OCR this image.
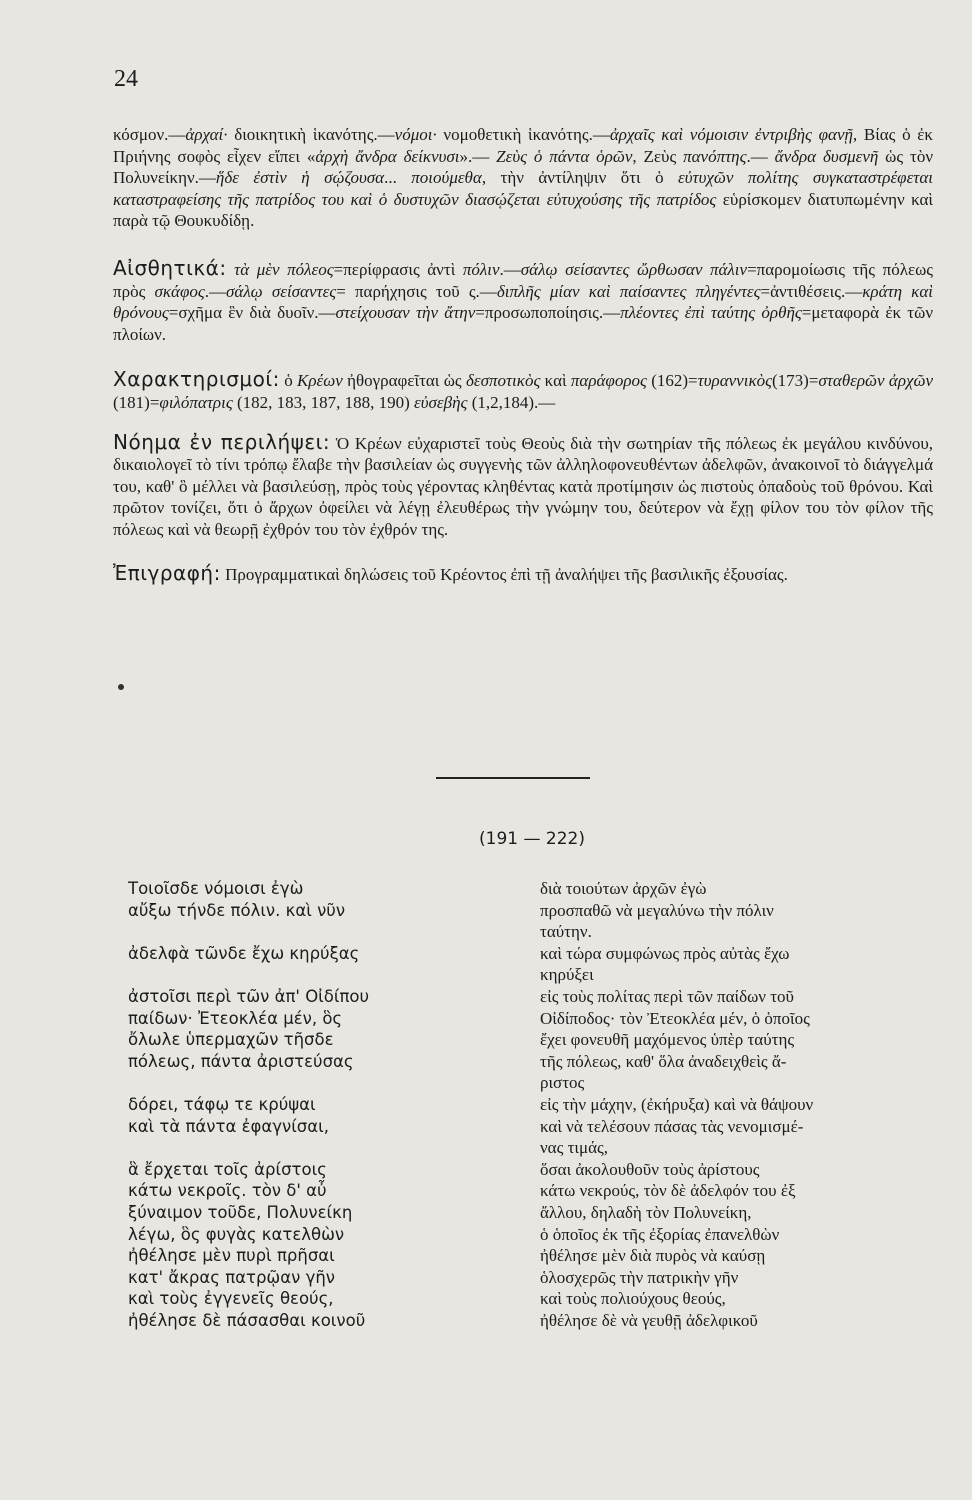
24

κόσμον.—ἀρχαί· διοικητικὴ ἱκανότης.—νόμοι· νομοθετικὴ ἱκανότης.—ἀρχαῖς καὶ νόμοισιν ἐντριβὴς φανῇ, Βίας ὁ ἐκ Πριήνης σοφὸς εἶχεν εἴπει «ἀρχὴ ἄνδρα δείκνυσι».— Ζεὺς ὁ πάντα ὁρῶν, Ζεὺς πανόπτης.— ἄνδρα δυσμενῆ ὡς τὸν Πολυνείκην.—ἥδε ἐστὶν ἡ σῴζουσα... ποιούμεθα, τὴν ἀντίληψιν ὅτι ὁ εὐτυχῶν πολίτης συγκαταστρέφεται καταστραφείσης τῆς πατρίδος του καὶ ὁ δυστυχῶν διασῴζεται εὐτυχούσης τῆς πατρίδος εὑρίσκομεν διατυπωμένην καὶ παρὰ τῷ Θουκυδίδῃ.

Αἰσθητικά: τὰ μὲν πόλεος=περίφρασις ἀντὶ πόλιν.—σάλῳ σείσαντες ὤρθωσαν πάλιν=παρομοίωσις τῆς πόλεως πρὸς σκάφος.—σάλῳ σείσαντες= παρήχησις τοῦ ς.—διπλῆς μίαν καὶ παίσαντες πληγέντες=ἀντιθέσεις.—κράτη καὶ θρόνους=σχῆμα ἓν διὰ δυοῖν.—στείχουσαν τὴν ἄτην=προσωποποίησις.—πλέοντες ἐπὶ ταύτης ὀρθῆς=μεταφορὰ ἐκ τῶν πλοίων.

Χαρακτηρισμοί: ὁ Κρέων ἠθογραφεῖται ὡς δεσποτικὸς καὶ παράφορος (162)=τυραννικὸς(173)=σταθερῶν ἀρχῶν (181)=φιλόπατρις (182, 183, 187, 188, 190) εὐσεβὴς (1,2,184).—

Νόημα ἐν περιλήψει: Ὁ Κρέων εὐχαριστεῖ τοὺς Θεοὺς διὰ τὴν σωτηρίαν τῆς πόλεως ἐκ μεγάλου κινδύνου, δικαιολογεῖ τὸ τίνι τρόπῳ ἔλαβε τὴν βασιλείαν ὡς συγγενὴς τῶν ἀλληλοφονευθέντων ἀδελφῶν, ἀνακοινοῖ τὸ διάγγελμά του, καθ' ὃ μέλλει νὰ βασιλεύσῃ, πρὸς τοὺς γέροντας κληθέντας κατὰ προτίμησιν ὡς πιστοὺς ὀπαδοὺς τοῦ θρόνου. Καὶ πρῶτον τονίζει, ὅτι ὁ ἄρχων ὀφείλει νὰ λέγῃ ἐλευθέρως τὴν γνώμην του, δεύτερον νὰ ἔχῃ φίλον του τὸν φίλον τῆς πόλεως καὶ νὰ θεωρῇ ἐχθρόν του τὸν ἐχθρόν της.

Ἐπιγραφή: Προγραμματικαὶ δηλώσεις τοῦ Κρέοντος ἐπὶ τῇ ἀναλήψει τῆς βασιλικῆς ἐξουσίας.

(191 — 222)
Τοιοῖσδε νόμοισι ἐγὼ
αὔξω τήνδε πόλιν. καὶ νῦν
ἀδελφὰ τῶνδε ἔχω κηρύξας
ἀστοῖσι περὶ τῶν ἀπ' Οἰδίπου
παίδων· Ἐτεοκλέα μέν, ὃς
ὄλωλε ὑπερμαχῶν τῆσδε
πόλεως, πάντα ἀριστεύσας
δόρει, τάφῳ τε κρύψαι
καὶ τὰ πάντα ἐφαγνίσαι,
ἃ ἔρχεται τοῖς ἀρίστοις
κάτω νεκροῖς. τὸν δ' αὖ
ξύναιμον τοῦδε, Πολυνείκη
λέγω, ὃς φυγὰς κατελθὼν
ἠθέλησε μὲν πυρὶ πρῆσαι
κατ' ἄκρας πατρῷαν γῆν
καὶ τοὺς ἐγγενεῖς θεούς,
ἠθέλησε δὲ πάσασθαι κοινοῦ
διὰ τοιούτων ἀρχῶν ἐγὼ
προσπαθῶ νὰ μεγαλύνω τὴν πόλιν
ταύτην.
καὶ τώρα συμφώνως πρὸς αὐτὰς ἔχω
κηρύξει
εἰς τοὺς πολίτας περὶ τῶν παίδων τοῦ
Οἰδίποδος· τὸν Ἐτεοκλέα μέν, ὁ ὁποῖος
ἔχει φονευθῆ μαχόμενος ὑπὲρ ταύτης
τῆς πόλεως, καθ' ὅλα ἀναδειχθεὶς ἄ-
ριστος
εἰς τὴν μάχην, (ἐκήρυξα) καὶ νὰ θάψουν
καὶ νὰ τελέσουν πάσας τὰς νενομισμέ-
νας τιμάς,
ὅσαι ἀκολουθοῦν τοὺς ἀρίστους
κάτω νεκρούς, τὸν δὲ ἀδελφόν του ἐξ
ἄλλου, δηλαδὴ τὸν Πολυνείκη,
ὁ ὁποῖος ἐκ τῆς ἐξορίας ἐπανελθὼν
ἠθέλησε μὲν διὰ πυρὸς νὰ καύσῃ
ὁλοσχερῶς τὴν πατρικὴν γῆν
καὶ τοὺς πολιούχους θεούς,
ἠθέλησε δὲ νὰ γευθῇ ἀδελφικοῦ
